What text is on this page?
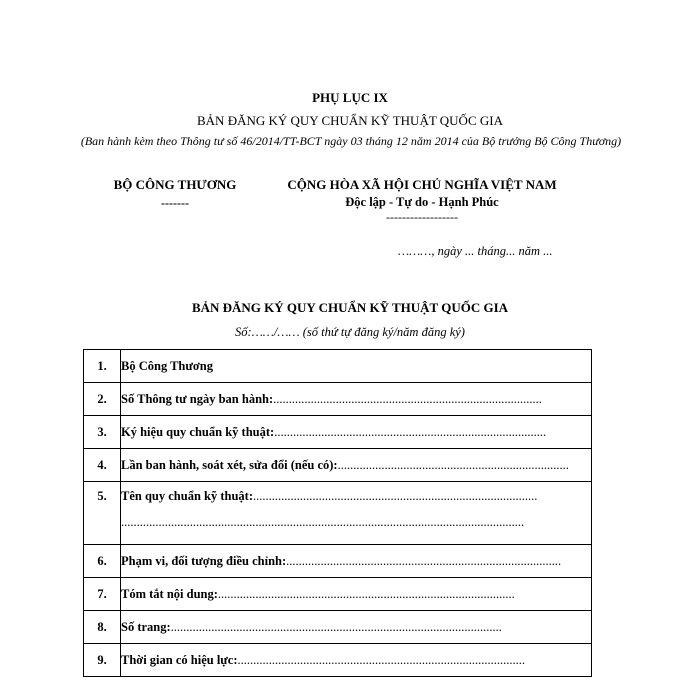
PHỤ LỤC IX
BẢN ĐĂNG KÝ QUY CHUẨN KỸ THUẬT QUỐC GIA
(Ban hành kèm theo Thông tư số 46/2014/TT-BCT ngày 03 tháng 12 năm 2014 của Bộ trưởng Bộ Công Thương)
BỘ CÔNG THƯƠNG
-------
CỘNG HÒA XÃ HỘI CHỦ NGHĨA VIỆT NAM
Độc lập - Tự do - Hạnh Phúc
------------------
………, ngày ... tháng... năm ...
BẢN ĐĂNG KÝ QUY CHUẨN KỸ THUẬT QUỐC GIA
Số:……/…… (số thứ tự đăng ký/năm đăng ký)
1.	Bộ Công Thương

2.	Số Thông tư ngày ban hành:......................................................................................

3.	Ký hiệu quy chuẩn kỹ thuật:.......................................................................................

4.	Lần ban hành, soát xét, sửa đổi (nếu có):..........................................................................

5.	Tên quy chuẩn kỹ thuật:...........................................................................................
.................................................................................................................................

6.	Phạm vi, đối tượng điều chỉnh:........................................................................................

7.	Tóm tắt nội dung:...............................................................................................

8.	Số trang:..........................................................................................................

9.	Thời gian có hiệu lực:............................................................................................
